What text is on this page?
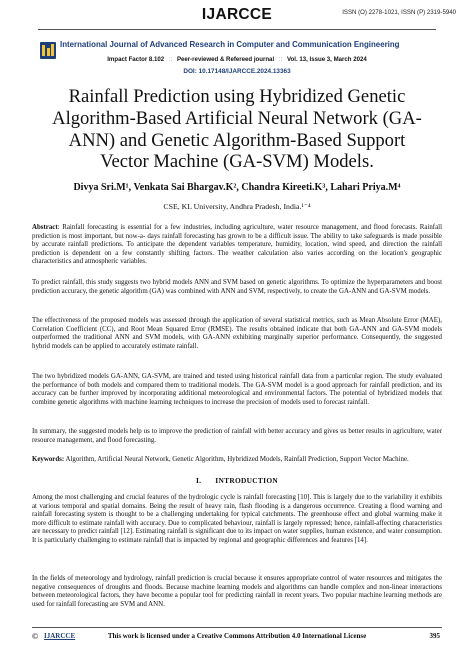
IJARCCE	ISSN (O) 2278-1021, ISSN (P) 2319-5940
International Journal of Advanced Research in Computer and Communication Engineering
Impact Factor 8.102 :: Peer-reviewed & Refereed journal :: Vol. 13, Issue 3, March 2024
DOI: 10.17148/IJARCCE.2024.13363
Rainfall Prediction using Hybridized Genetic
Algorithm-Based Artificial Neural Network (GA-
ANN) and Genetic Algorithm-Based Support
Vector Machine (GA-SVM) Models.
Divya Sri.M¹, Venkata Sai Bhargav.K², Chandra Kireeti.K³, Lahari Priya.M⁴
CSE, KL University, Andhra Pradesh, India.¹⁻⁴
Abstract: Rainfall forecasting is essential for a few industries, including agriculture, water resource management, and flood forecasts. Rainfall prediction is most important, but now-a- days rainfall forecasting has grown to be a difficult issue. The ability to take safeguards is made possible by accurate rainfall predictions. To anticipate the dependent variables temperature, humidity, location, wind speed, and direction the rainfall prediction is dependent on a few constantly shifting factors. The weather calculation also varies according on the location's geographic characteristics and atmospheric variables.
To predict rainfall, this study suggests two hybrid models ANN and SVM based on genetic algorithms. To optimize the hyperparameters and boost prediction accuracy, the genetic algorithm (GA) was combined with ANN and SVM, respectively, to create the GA-ANN and GA-SVM models.
The effectiveness of the proposed models was assessed through the application of several statistical metrics, such as Mean Absolute Error (MAE), Correlation Coefficient (CC), and Root Mean Squared Error (RMSE). The results obtained indicate that both GA-ANN and GA-SVM models outperformed the traditional ANN and SVM models, with GA-ANN exhibiting marginally superior performance. Consequently, the suggested hybrid models can be applied to accurately estimate rainfall.
The two hybridized models GA-ANN, GA-SVM, are trained and tested using historical rainfall data from a particular region. The study evaluated the performance of both models and compared them to traditional models. The GA-SVM model is a good approach for rainfall prediction, and its accuracy can be further improved by incorporating additional meteorological and environmental factors. The potential of hybridized models that combine genetic algorithms with machine learning techniques to increase the precision of models used to forecast rainfall.
In summary, the suggested models help us to improve the prediction of rainfall with better accuracy and gives us better results in agriculture, water resource management, and flood forecasting.
Keywords: Algorithm, Artificial Neural Network, Genetic Algorithm, Hybridized Models, Rainfall Prediction, Support Vector Machine.
I. INTRODUCTION
Among the most challenging and crucial features of the hydrologic cycle is rainfall forecasting [10]. This is largely due to the variability it exhibits at various temporal and spatial domains. Being the result of heavy rain, flash flooding is a dangerous occurrence. Creating a flood warning and rainfall forecasting system is thought to be a challenging undertaking for typical catchments. The greenhouse effect and global warming make it more difficult to estimate rainfall with accuracy. Due to complicated behaviour, rainfall is largely repressed; hence, rainfall-affecting characteristics are necessary to predict rainfall [12]. Estimating rainfall is significant due to its impact on water supplies, human existence, and water consumption. It is particularly challenging to estimate rainfall that is impacted by regional and geographic differences and features [14].
In the fields of meteorology and hydrology, rainfall prediction is crucial because it ensures appropriate control of water resources and mitigates the negative consequences of droughts and floods. Because machine learning models and algorithms can handle complex and non-linear interactions between meteorological factors, they have become a popular tool for predicting rainfall in recent years. Two popular machine learning methods are used for rainfall forecasting are SVM and ANN.
© IJARCCE	This work is licensed under a Creative Commons Attribution 4.0 International License	395
